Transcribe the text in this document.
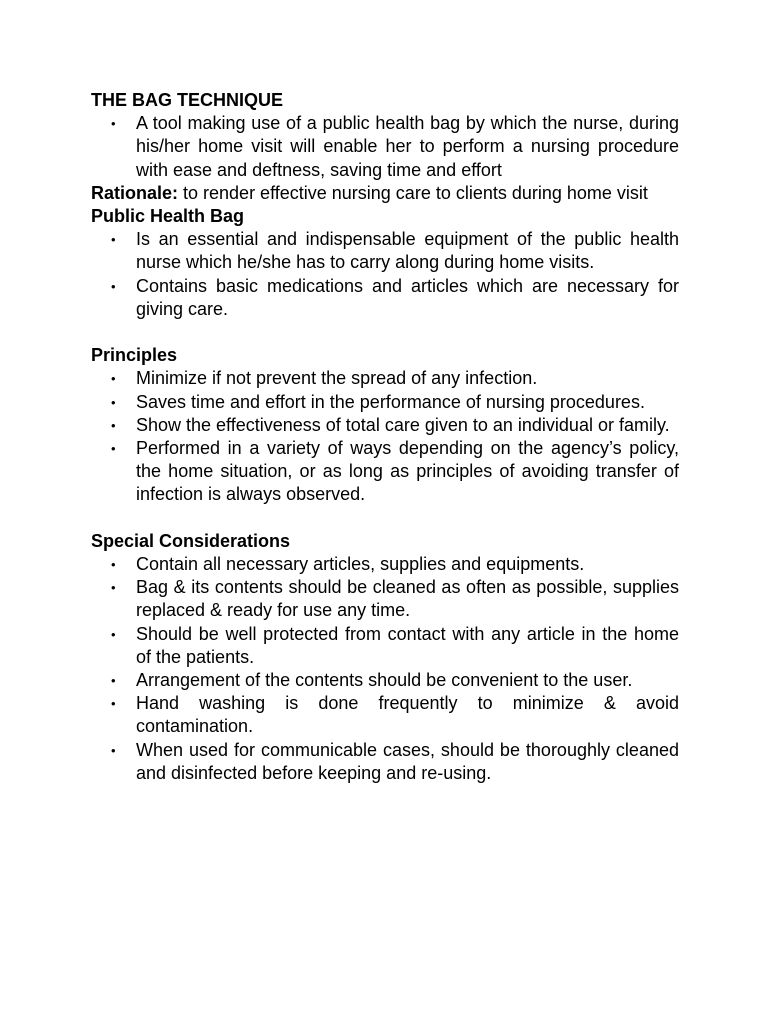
THE BAG TECHNIQUE

• A tool making use of a public health bag by which the nurse, during his/her home visit will enable her to perform a nursing procedure with ease and deftness, saving time and effort

Rationale: to render effective nursing care to clients during home visit

Public Health Bag

• Is an essential and indispensable equipment of the public health nurse which he/she has to carry along during home visits.
• Contains basic medications and articles which are necessary for giving care.

Principles

• Minimize if not prevent the spread of any infection.
• Saves time and effort in the performance of nursing procedures.
• Show the effectiveness of total care given to an individual or family.
• Performed in a variety of ways depending on the agency’s policy, the home situation, or as long as principles of avoiding transfer of infection is always observed.

Special Considerations

• Contain all necessary articles, supplies and equipments.
• Bag & its contents should be cleaned as often as possible, supplies replaced & ready for use any time.
• Should be well protected from contact with any article in the home of the patients.
• Arrangement of the contents should be convenient to the user.
• Hand washing is done frequently to minimize & avoid contamination.
• When used for communicable cases, should be thoroughly cleaned and disinfected before keeping and re-using.
